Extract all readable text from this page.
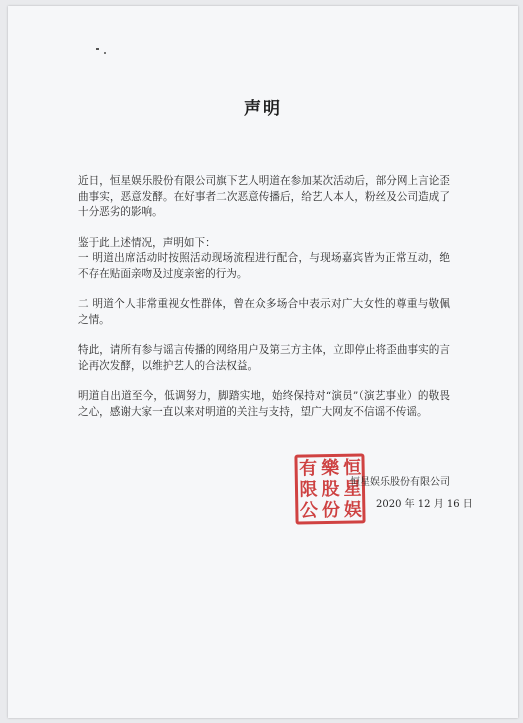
声明

近日，恒星娱乐股份有限公司旗下艺人明道在参加某次活动后，部分网上言论歪曲事实，恶意发酵。在好事者二次恶意传播后，给艺人本人，粉丝及公司造成了十分恶劣的影响。

鉴于此上述情况，声明如下：

一 明道出席活动时按照活动现场流程进行配合，与现场嘉宾皆为正常互动，绝不存在贴面亲吻及过度亲密的行为。

二 明道个人非常重视女性群体，曾在众多场合中表示对广大女性的尊重与敬佩之情。

特此，请所有参与谣言传播的网络用户及第三方主体，立即停止将歪曲事实的言论再次发酵，以维护艺人的合法权益。

明道自出道至今，低调努力，脚踏实地，始终保持对“演员”（演艺事业）的敬畏之心，感谢大家一直以来对明道的关注与支持，望广大网友不信谣不传谣。

恒
星
娱
樂
股
份
有
限
公
恒星娱乐股份有限公司
2020 年 12 月 16 日
